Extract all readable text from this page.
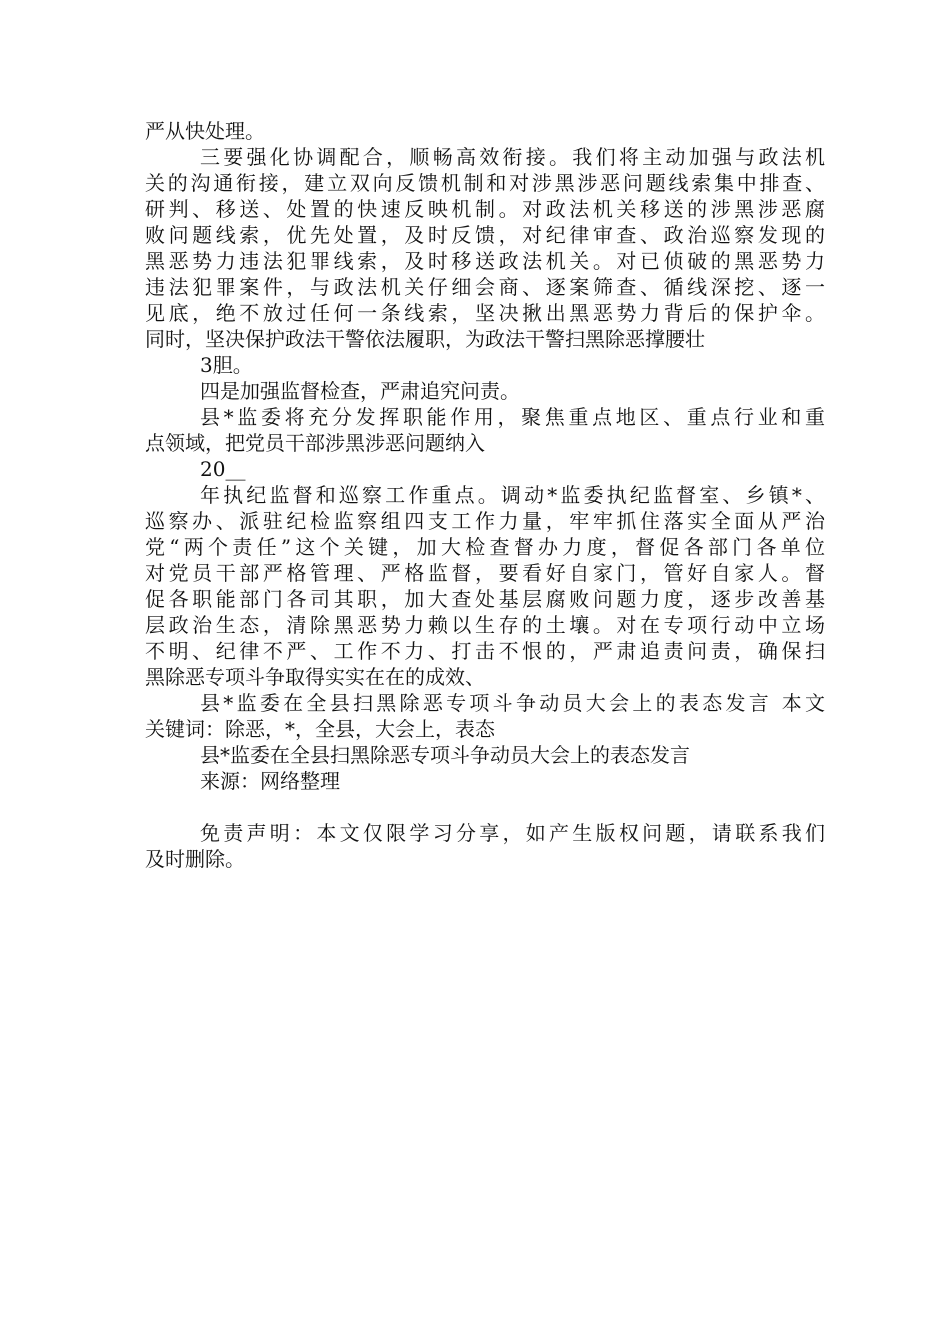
严从快处理。
三要强化协调配合，顺畅高效衔接。我们将主动加强与政法机
关的沟通衔接，建立双向反馈机制和对涉黑涉恶问题线索集中排查、
研判、移送、处置的快速反映机制。对政法机关移送的涉黑涉恶腐
败问题线索，优先处置，及时反馈，对纪律审查、政治巡察发现的
黑恶势力违法犯罪线索，及时移送政法机关。对已侦破的黑恶势力
违法犯罪案件，与政法机关仔细会商、逐案筛查、循线深挖、逐一
见底，绝不放过任何一条线索，坚决揪出黑恶势力背后的保护伞。
同时，坚决保护政法干警依法履职，为政法干警扫黑除恶撑腰壮
3胆。
四是加强监督检查，严肃追究问责。
县*监委将充分发挥职能作用，聚焦重点地区、重点行业和重
点领域，把党员干部涉黑涉恶问题纳入
20__
年执纪监督和巡察工作重点。调动*监委执纪监督室、乡镇*、
巡察办、派驻纪检监察组四支工作力量，牢牢抓住落实全面从严治
党“两个责任”这个关键，加大检查督办力度，督促各部门各单位
对党员干部严格管理、严格监督，要看好自家门，管好自家人。督
促各职能部门各司其职，加大查处基层腐败问题力度，逐步改善基
层政治生态，清除黑恶势力赖以生存的土壤。对在专项行动中立场
不明、纪律不严、工作不力、打击不恨的，严肃追责问责，确保扫
黑除恶专项斗争取得实实在在的成效、
县*监委在全县扫黑除恶专项斗争动员大会上的表态发言 本文
关键词：除恶，*，全县，大会上，表态
县*监委在全县扫黑除恶专项斗争动员大会上的表态发言
来源：网络整理
免责声明：本文仅限学习分享，如产生版权问题，请联系我们
及时删除。
